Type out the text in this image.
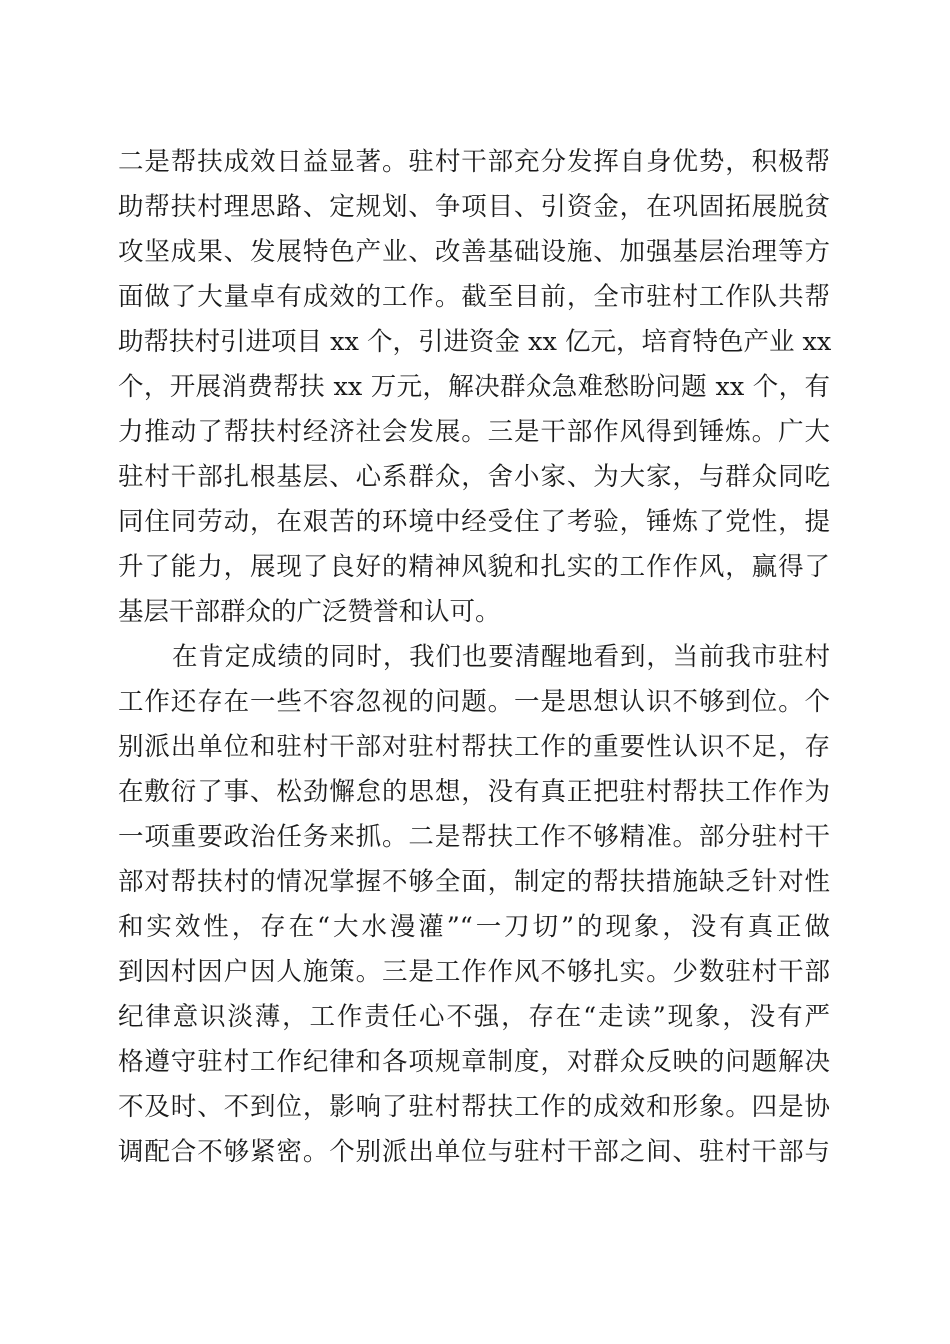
二是帮扶成效日益显著。驻村干部充分发挥自身优势，积极帮
助帮扶村理思路、定规划、争项目、引资金，在巩固拓展脱贫
攻坚成果、发展特色产业、改善基础设施、加强基层治理等方
面做了大量卓有成效的工作。截至目前，全市驻村工作队共帮
助帮扶村引进项目 xx 个，引进资金 xx 亿元，培育特色产业 xx
个，开展消费帮扶 xx 万元，解决群众急难愁盼问题 xx 个，有
力推动了帮扶村经济社会发展。三是干部作风得到锤炼。广大
驻村干部扎根基层、心系群众，舍小家、为大家，与群众同吃
同住同劳动，在艰苦的环境中经受住了考验，锤炼了党性，提
升了能力，展现了良好的精神风貌和扎实的工作作风，赢得了
基层干部群众的广泛赞誉和认可。
在肯定成绩的同时，我们也要清醒地看到，当前我市驻村
工作还存在一些不容忽视的问题。一是思想认识不够到位。个
别派出单位和驻村干部对驻村帮扶工作的重要性认识不足，存
在敷衍了事、松劲懈怠的思想，没有真正把驻村帮扶工作作为
一项重要政治任务来抓。二是帮扶工作不够精准。部分驻村干
部对帮扶村的情况掌握不够全面，制定的帮扶措施缺乏针对性
和实效性，存在“大水漫灌”“一刀切”的现象，没有真正做
到因村因户因人施策。三是工作作风不够扎实。少数驻村干部
纪律意识淡薄，工作责任心不强，存在“走读”现象，没有严
格遵守驻村工作纪律和各项规章制度，对群众反映的问题解决
不及时、不到位，影响了驻村帮扶工作的成效和形象。四是协
调配合不够紧密。个别派出单位与驻村干部之间、驻村干部与
